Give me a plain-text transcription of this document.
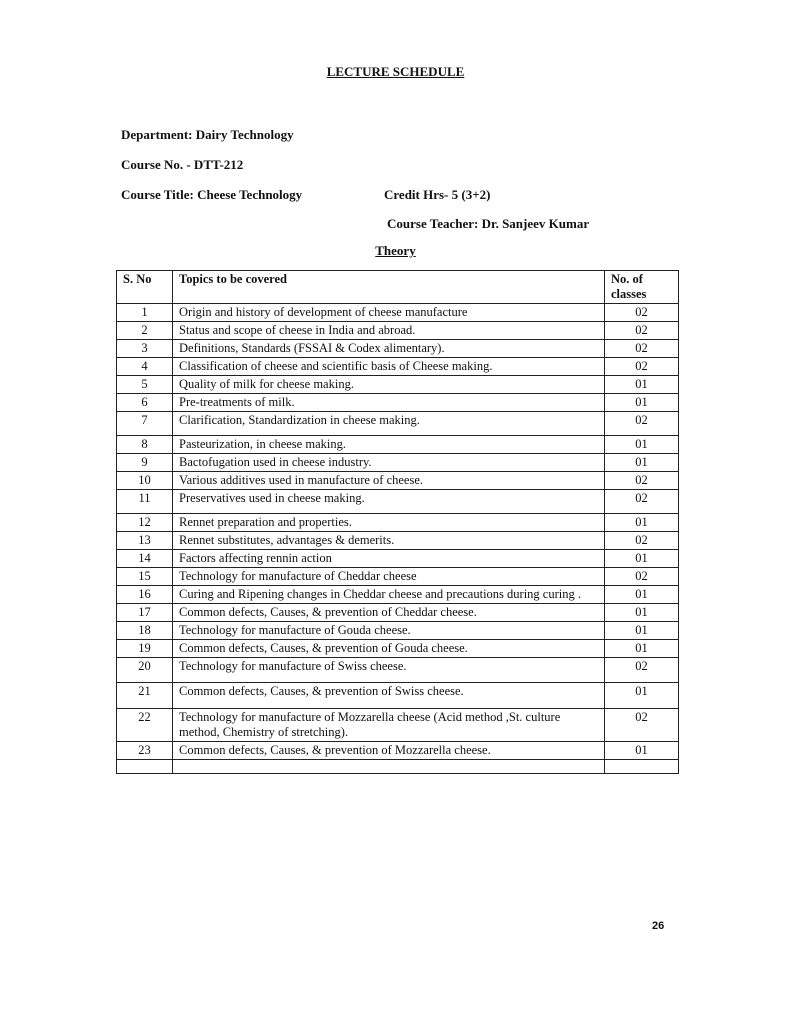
LECTURE SCHEDULE
Department: Dairy Technology
Course No. - DTT-212
Course Title: Cheese Technology	Credit Hrs- 5 (3+2)
Course Teacher: Dr. Sanjeev Kumar
Theory
S. No	Topics to be covered	No. of classes
1	Origin and history of development of cheese manufacture	02
2	Status and scope of cheese in India and abroad.	02
3	Definitions, Standards (FSSAI & Codex alimentary).	02
4	Classification of cheese and scientific basis of Cheese making.	02
5	Quality of milk for cheese making.	01
6	Pre-treatments of milk.	01
7	Clarification, Standardization in cheese making.	02
8	Pasteurization, in cheese making.	01
9	Bactofugation used in cheese industry.	01
10	Various additives used in manufacture of cheese.	02
11	Preservatives used in cheese making.	02
12	Rennet preparation and properties.	01
13	Rennet substitutes, advantages & demerits.	02
14	Factors affecting rennin action	01
15	Technology for manufacture of Cheddar cheese	02
16	Curing and Ripening changes in Cheddar cheese and precautions during curing .	01
17	Common defects, Causes, & prevention of Cheddar cheese.	01
18	Technology for manufacture of Gouda cheese.	01
19	Common defects, Causes, & prevention of Gouda cheese.	01
20	Technology for manufacture of Swiss cheese.	02
21	Common defects, Causes, & prevention of Swiss cheese.	01
22	Technology for manufacture of Mozzarella cheese (Acid method ,St. culture method, Chemistry of stretching).	02
23	Common defects, Causes, & prevention of Mozzarella cheese.	01

26
